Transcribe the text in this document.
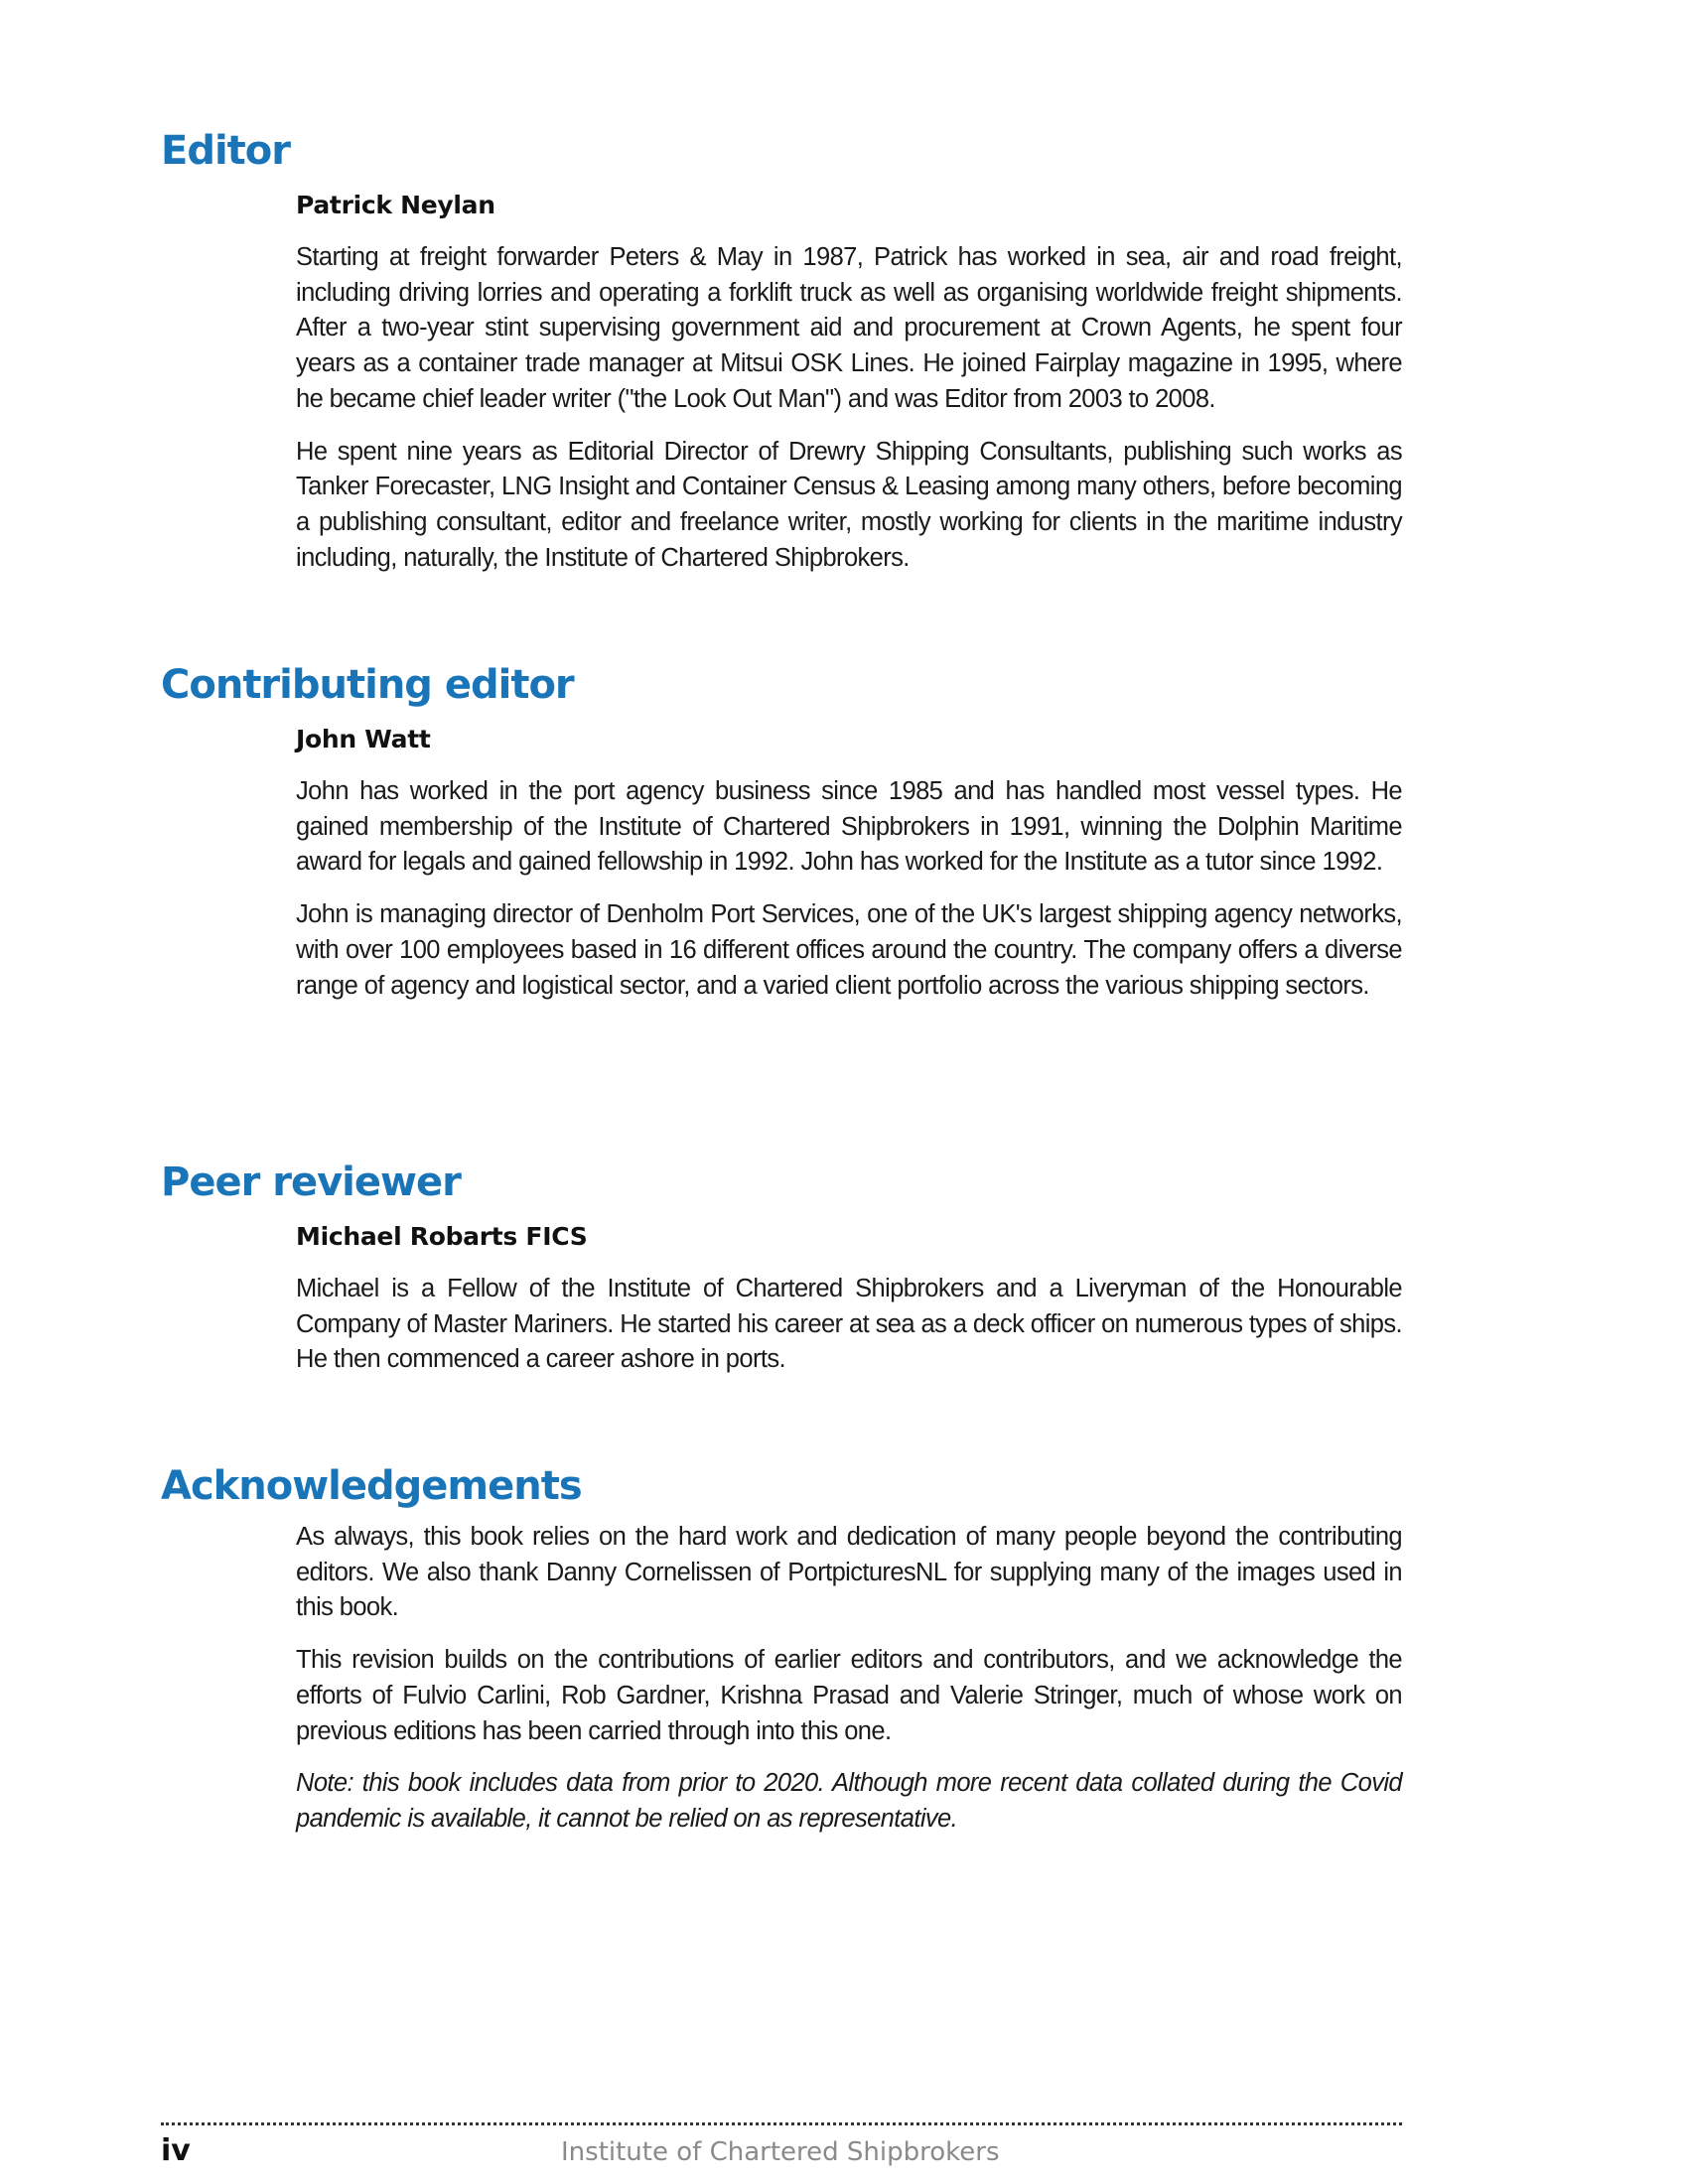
Editor

Patrick Neylan

Starting at freight forwarder Peters & May in 1987, Patrick has worked in sea, air and road freight, including driving lorries and operating a forklift truck as well as organising worldwide freight shipments. After a two-year stint supervising government aid and procurement at Crown Agents, he spent four years as a container trade manager at Mitsui OSK Lines. He joined Fairplay magazine in 1995, where he became chief leader writer ("the Look Out Man") and was Editor from 2003 to 2008.

He spent nine years as Editorial Director of Drewry Shipping Consultants, publishing such works as Tanker Forecaster, LNG Insight and Container Census & Leasing among many others, before becoming a publishing consultant, editor and freelance writer, mostly working for clients in the maritime industry including, naturally, the Institute of Chartered Shipbrokers.

Contributing editor

John Watt

John has worked in the port agency business since 1985 and has handled most vessel types. He gained membership of the Institute of Chartered Shipbrokers in 1991, winning the Dolphin Maritime award for legals and gained fellowship in 1992. John has worked for the Institute as a tutor since 1992.

John is managing director of Denholm Port Services, one of the UK's largest shipping agency networks, with over 100 employees based in 16 different offices around the country. The company offers a diverse range of agency and logistical sector, and a varied client portfolio across the various shipping sectors.

Peer reviewer

Michael Robarts FICS

Michael is a Fellow of the Institute of Chartered Shipbrokers and a Liveryman of the Honourable Company of Master Mariners. He started his career at sea as a deck officer on numerous types of ships. He then commenced a career ashore in ports.

Acknowledgements

As always, this book relies on the hard work and dedication of many people beyond the contributing editors. We also thank Danny Cornelissen of PortpicturesNL for supplying many of the images used in this book.

This revision builds on the contributions of earlier editors and contributors, and we acknowledge the efforts of Fulvio Carlini, Rob Gardner, Krishna Prasad and Valerie Stringer, much of whose work on previous editions has been carried through into this one.

Note: this book includes data from prior to 2020. Although more recent data collated during the Covid pandemic is available, it cannot be relied on as representative.

iv	Institute of Chartered Shipbrokers
